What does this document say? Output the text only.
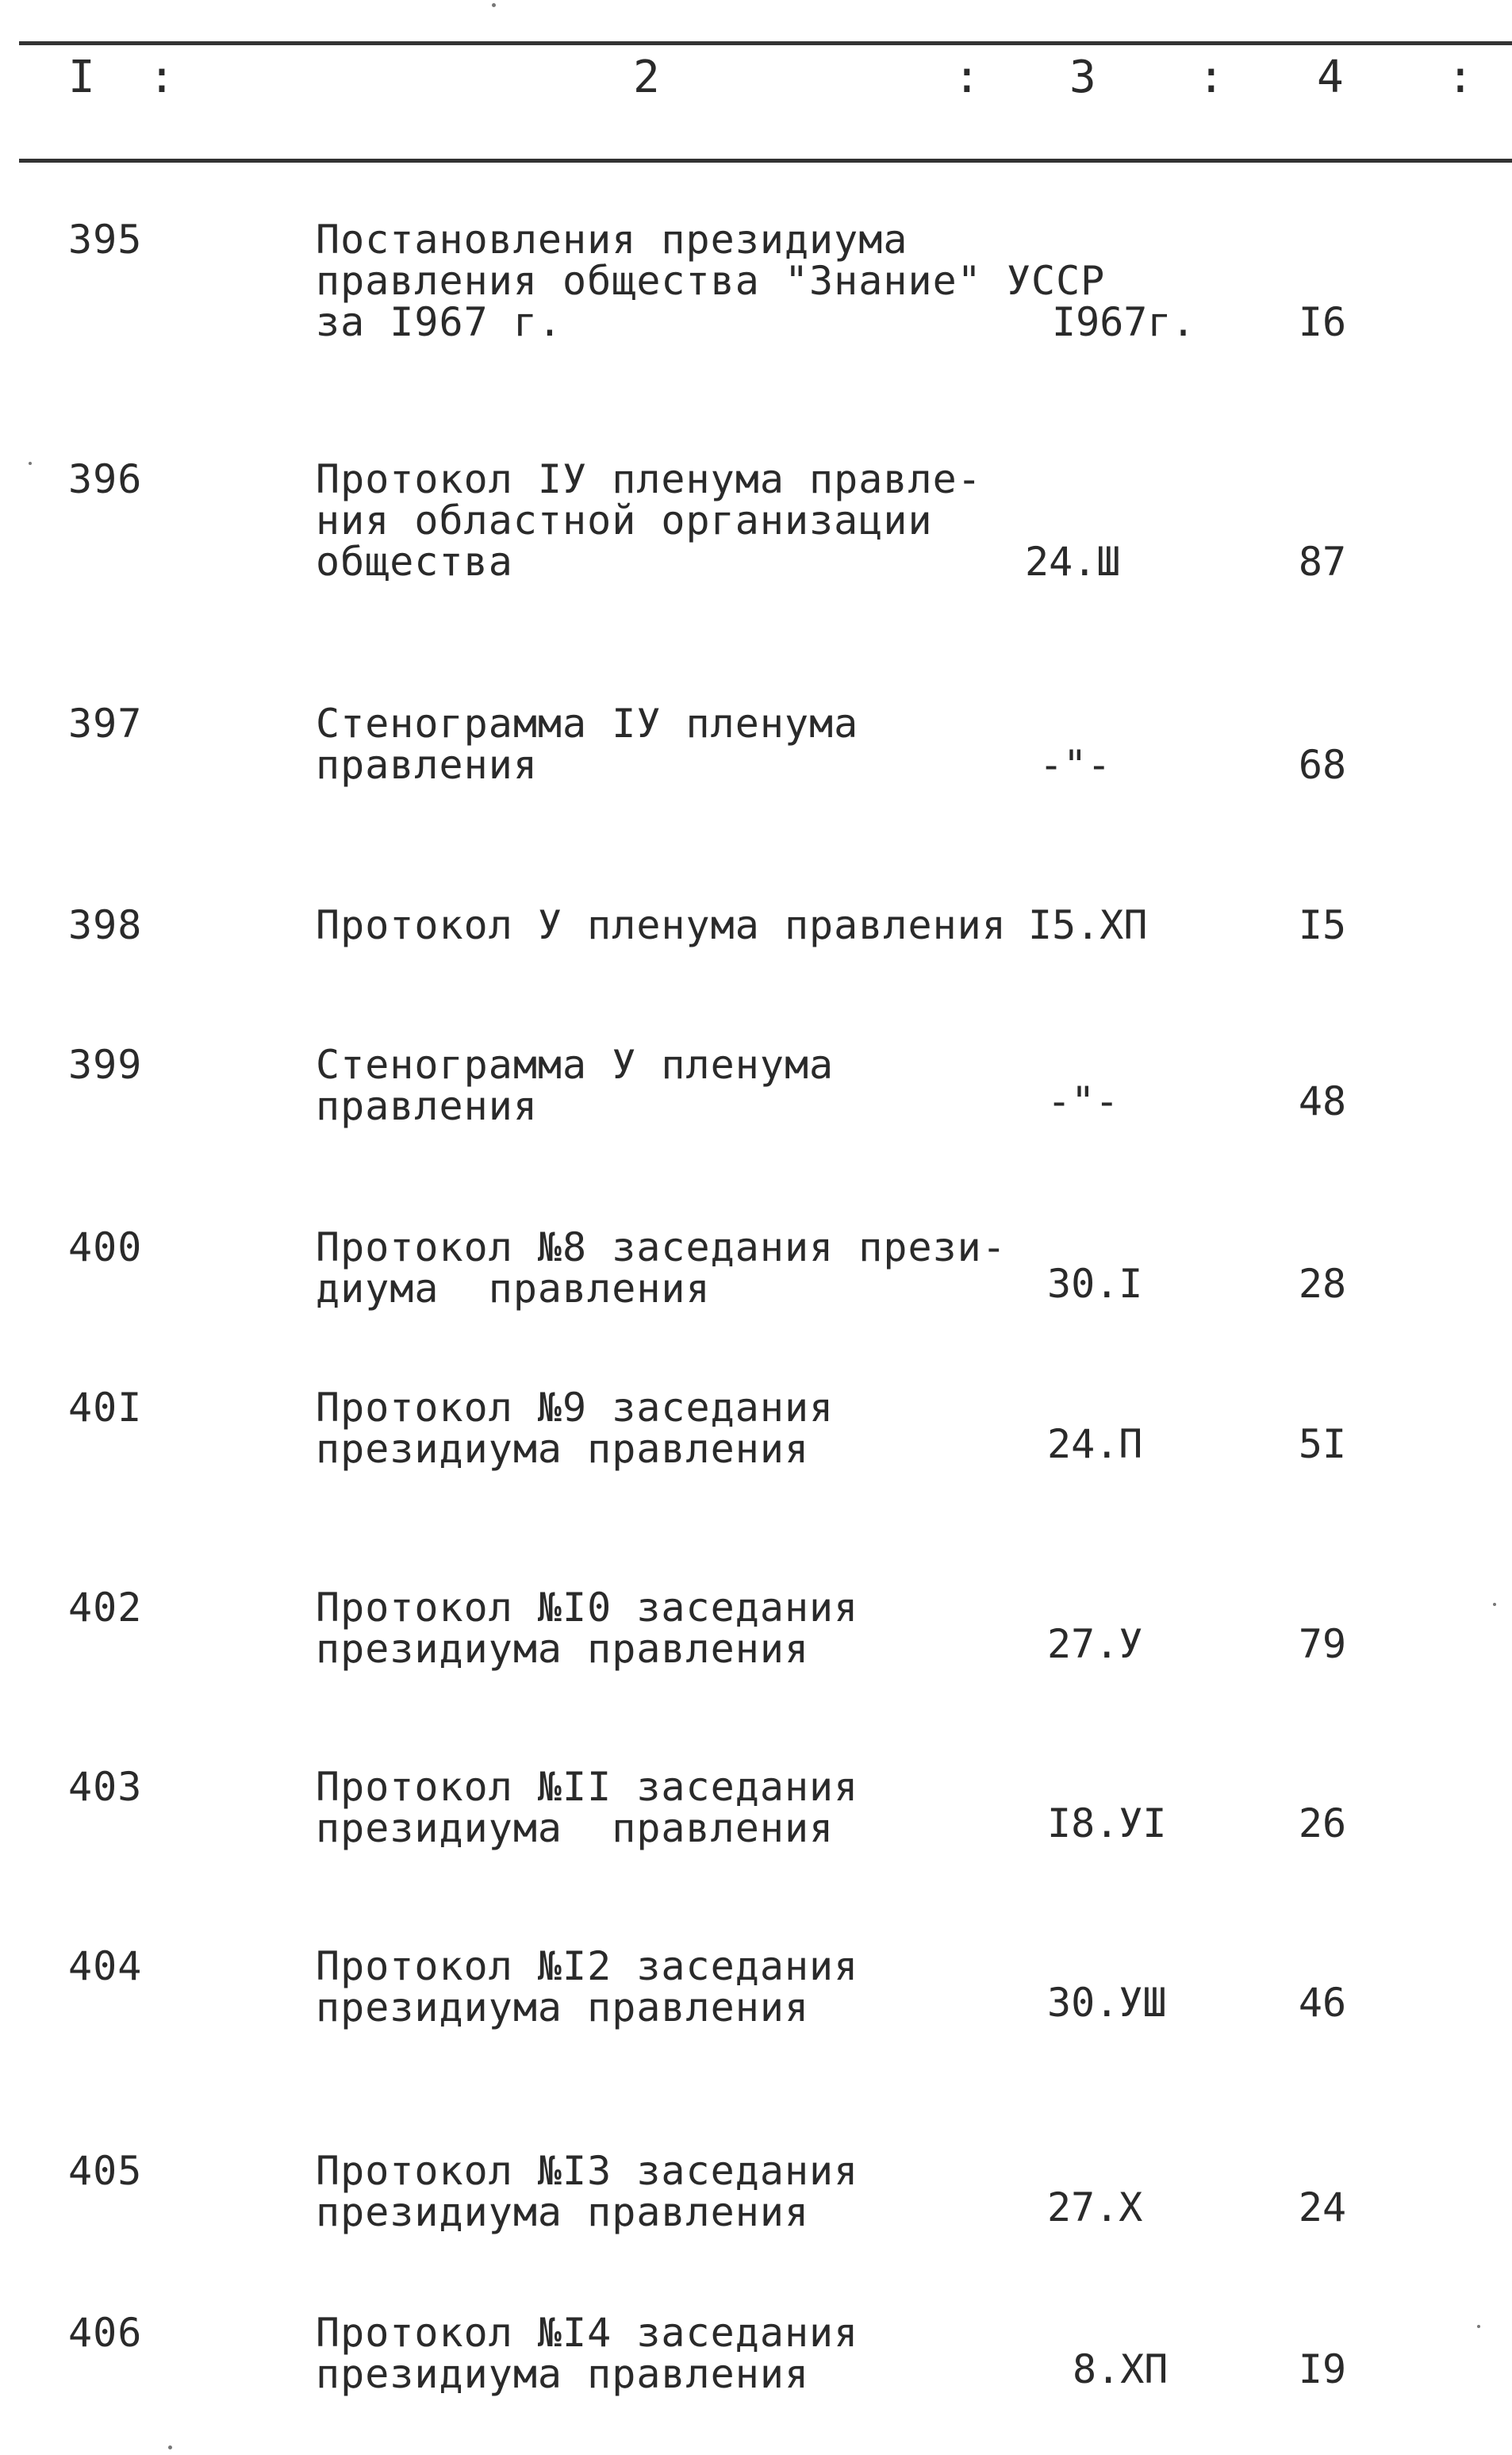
I  :	2	: 3 : 4 :
395	Постановления президиума
правления общества "Знание" УССР
за I967 г.	I967г.	I6
396	Протокол IУ пленума правле-
ния областной организации
общества	24.Ш	87
397	Стенограмма IУ пленума
правления	-"-	68
398	Протокол У пленума правления I5.ХП	I5
399	Стенограмма У пленума
правления	-"-	48
400	Протокол №8 заседания прези-
диума  правления	30.I	28
40I	Протокол №9 заседания
президиума правления	24.П	5I
402	Протокол №I0 заседания
президиума правления	27.У	79
403	Протокол №II заседания
президиума  правления	I8.УI	26
404	Протокол №I2 заседания
президиума правления	30.УШ	46
405	Протокол №I3 заседания
президиума правления	27.Х	24
406	Протокол №I4 заседания
президиума правления	8.ХП	I9
